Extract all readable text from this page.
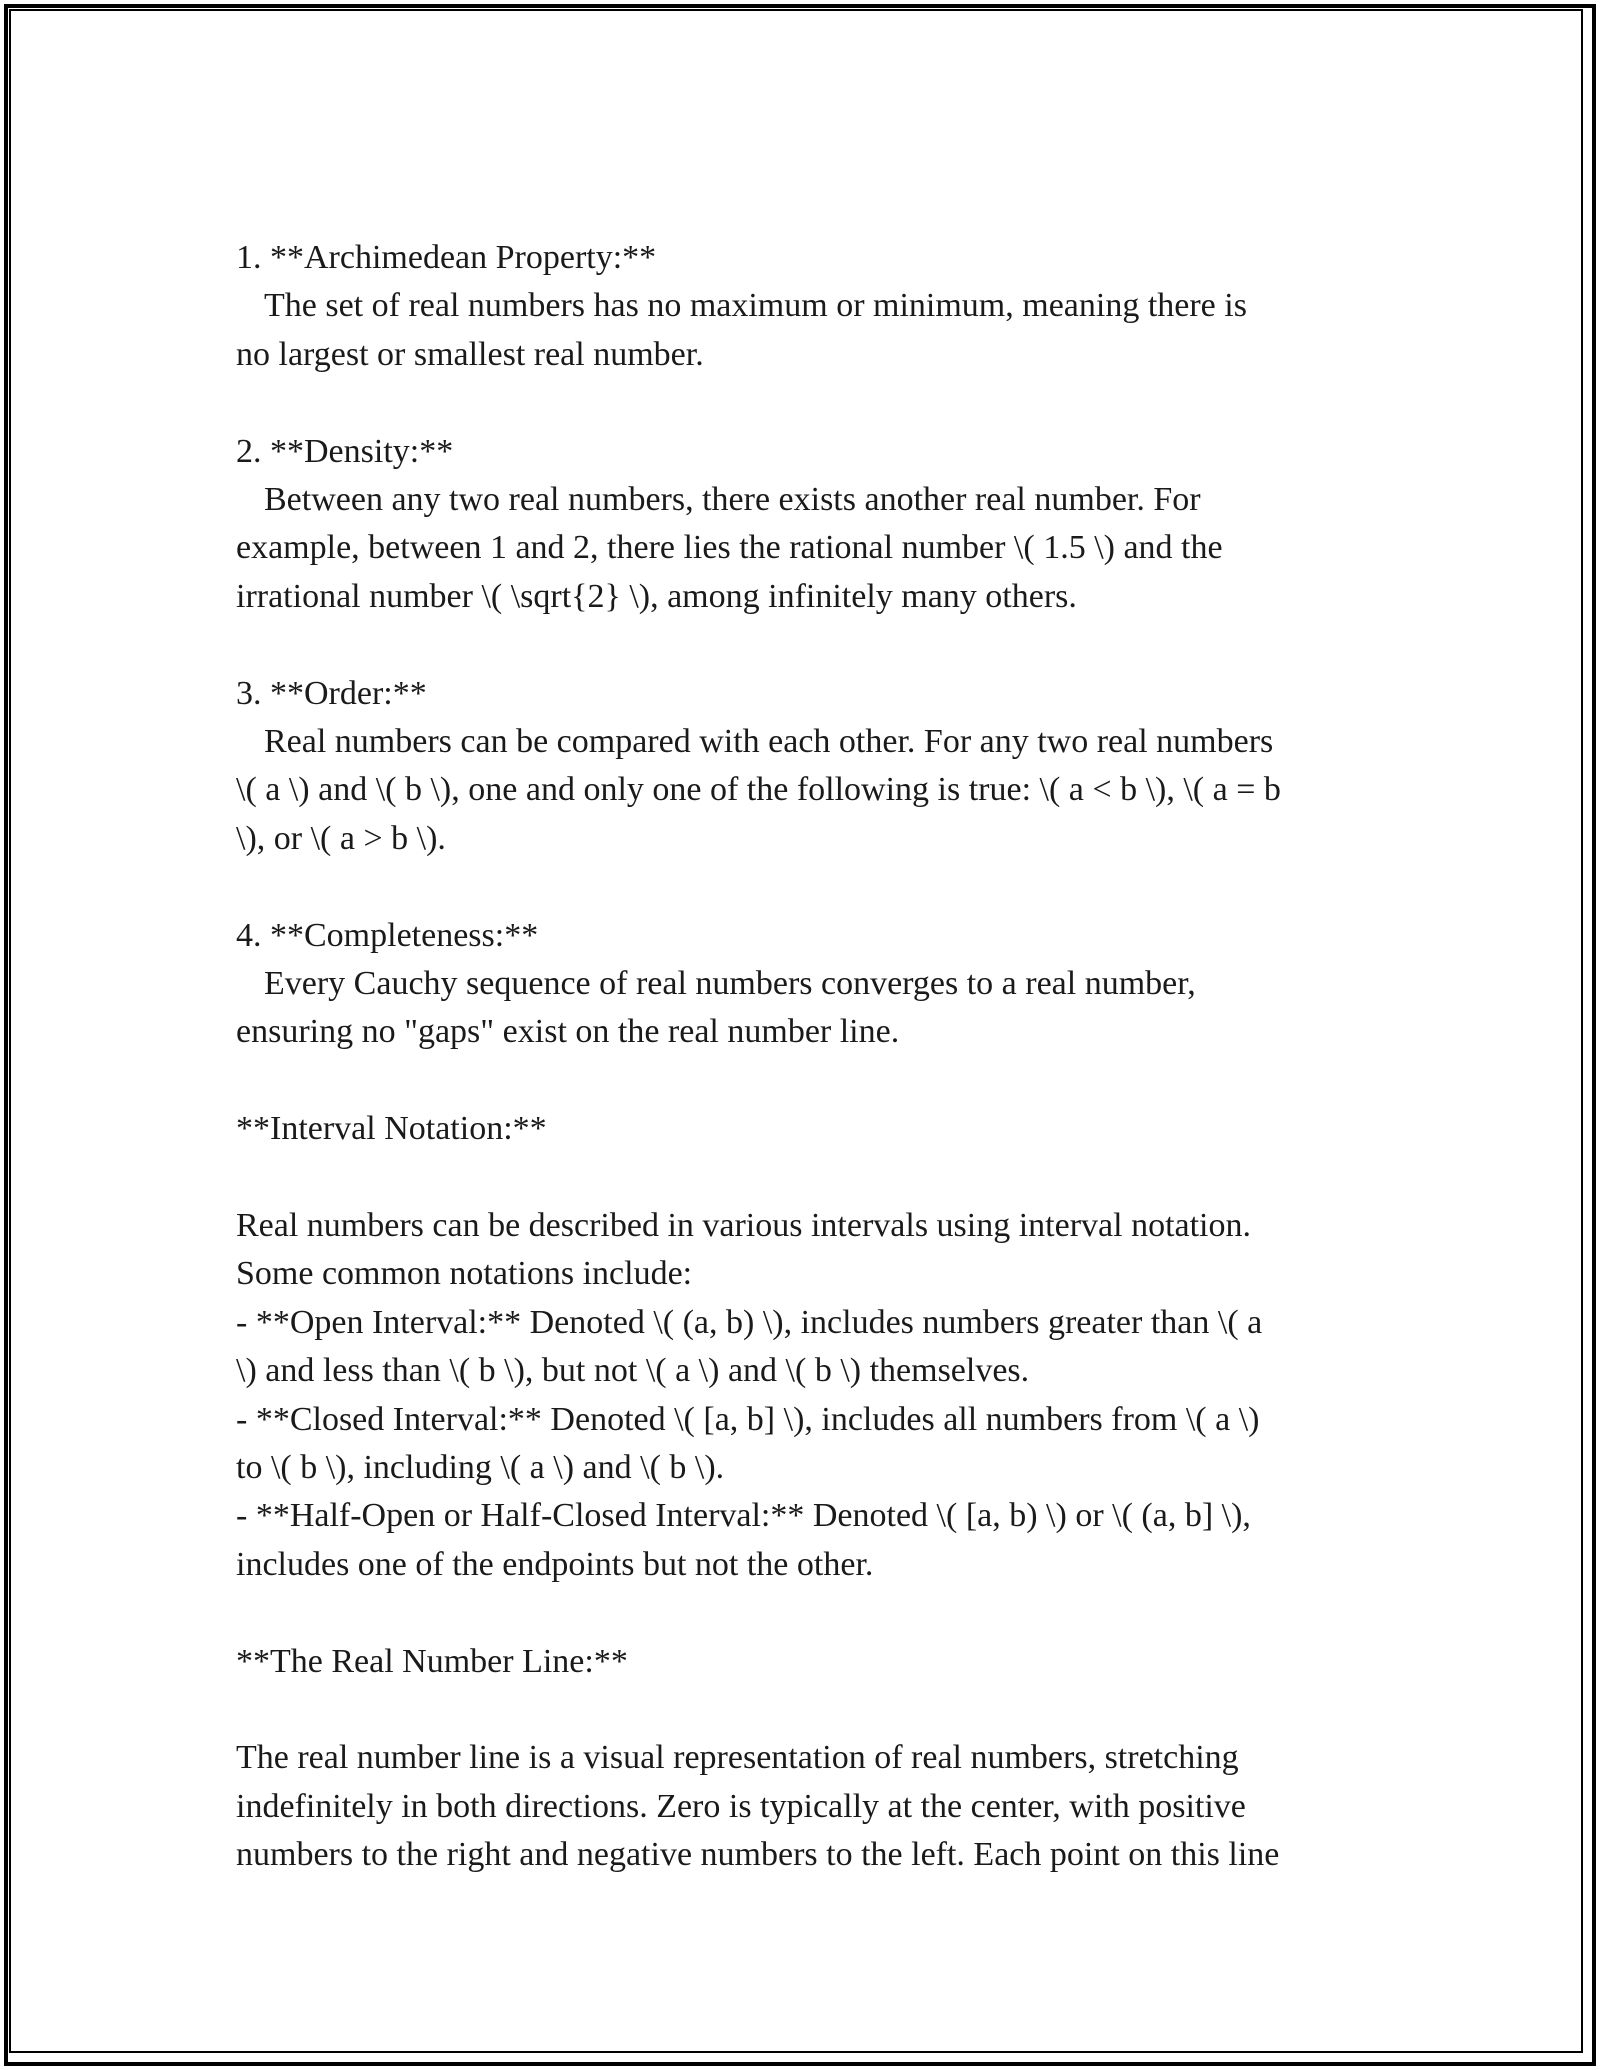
1. **Archimedean Property:**
The set of real numbers has no maximum or minimum, meaning there is
no largest or smallest real number.
2. **Density:**
Between any two real numbers, there exists another real number. For
example, between 1 and 2, there lies the rational number \( 1.5 \) and the
irrational number \( \sqrt{2} \), among infinitely many others.
3. **Order:**
Real numbers can be compared with each other. For any two real numbers
\( a \) and \( b \), one and only one of the following is true: \( a < b \), \( a = b
\), or \( a > b \).
4. **Completeness:**
Every Cauchy sequence of real numbers converges to a real number,
ensuring no "gaps" exist on the real number line.
**Interval Notation:**
Real numbers can be described in various intervals using interval notation.
Some common notations include:
- **Open Interval:** Denoted \( (a, b) \), includes numbers greater than \( a
\) and less than \( b \), but not \( a \) and \( b \) themselves.
- **Closed Interval:** Denoted \( [a, b] \), includes all numbers from \( a \)
to \( b \), including \( a \) and \( b \).
- **Half-Open or Half-Closed Interval:** Denoted \( [a, b) \) or \( (a, b] \),
includes one of the endpoints but not the other.
**The Real Number Line:**
The real number line is a visual representation of real numbers, stretching
indefinitely in both directions. Zero is typically at the center, with positive
numbers to the right and negative numbers to the left. Each point on this line
